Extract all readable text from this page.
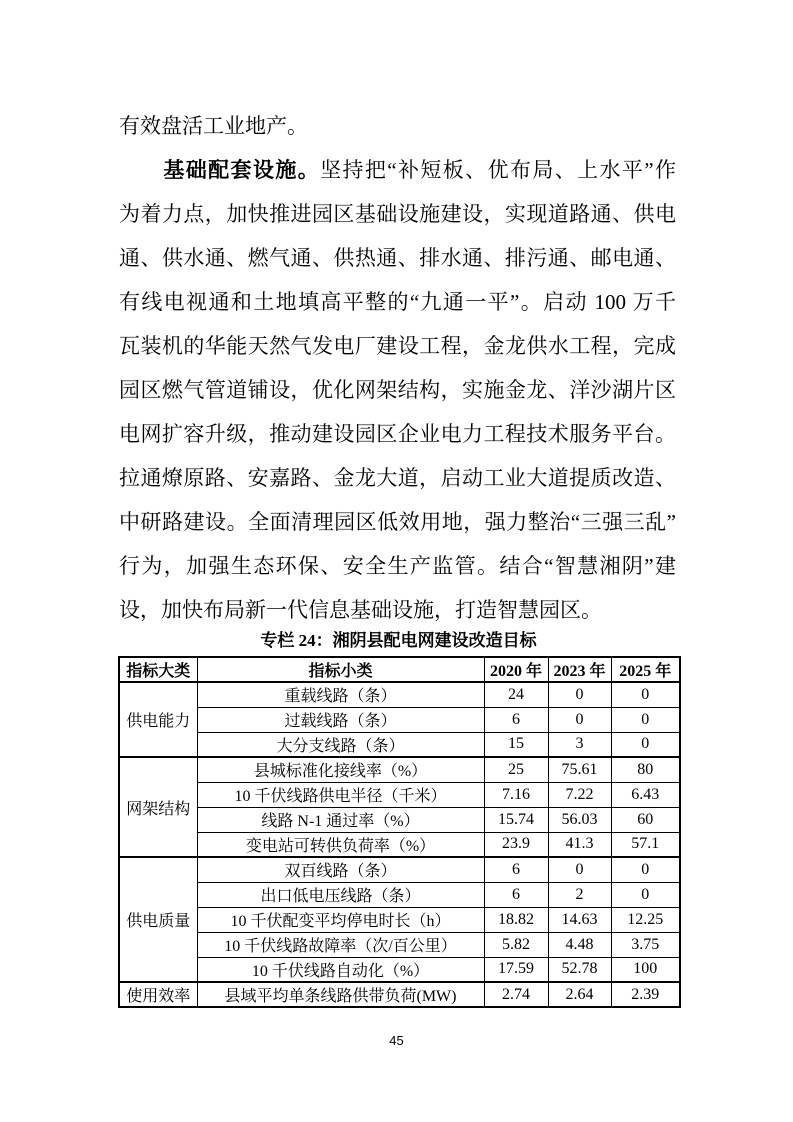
有效盘活工业地产。
基础配套设施。坚持把“补短板、优布局、上水平”作
为着力点，加快推进园区基础设施建设，实现道路通、供电
通、供水通、燃气通、供热通、排水通、排污通、邮电通、
有线电视通和土地填高平整的“九通一平”。启动 100 万千
瓦装机的华能天然气发电厂建设工程，金龙供水工程，完成
园区燃气管道铺设，优化网架结构，实施金龙、洋沙湖片区
电网扩容升级，推动建设园区企业电力工程技术服务平台。
拉通燎原路、安嘉路、金龙大道，启动工业大道提质改造、
中研路建设。全面清理园区低效用地，强力整治“三强三乱”
行为，加强生态环保、安全生产监管。结合“智慧湘阴”建
设，加快布局新一代信息基础设施，打造智慧园区。
专栏 24：湘阴县配电网建设改造目标
指标大类	指标小类	2020 年	2023 年	2025 年
供电能力	重载线路（条）	24	0	0
	过载线路（条）	6	0	0
	大分支线路（条）	15	3	0
网架结构	县城标准化接线率（%）	25	75.61	80
	10 千伏线路供电半径（千米）	7.16	7.22	6.43
	线路 N-1 通过率（%）	15.74	56.03	60
	变电站可转供负荷率（%）	23.9	41.3	57.1
供电质量	双百线路（条）	6	0	0
	出口低电压线路（条）	6	2	0
	10 千伏配变平均停电时长（h）	18.82	14.63	12.25
	10 千伏线路故障率（次/百公里）	5.82	4.48	3.75
	10 千伏线路自动化（%）	17.59	52.78	100
使用效率	县域平均单条线路供带负荷(MW)	2.74	2.64	2.39
45
